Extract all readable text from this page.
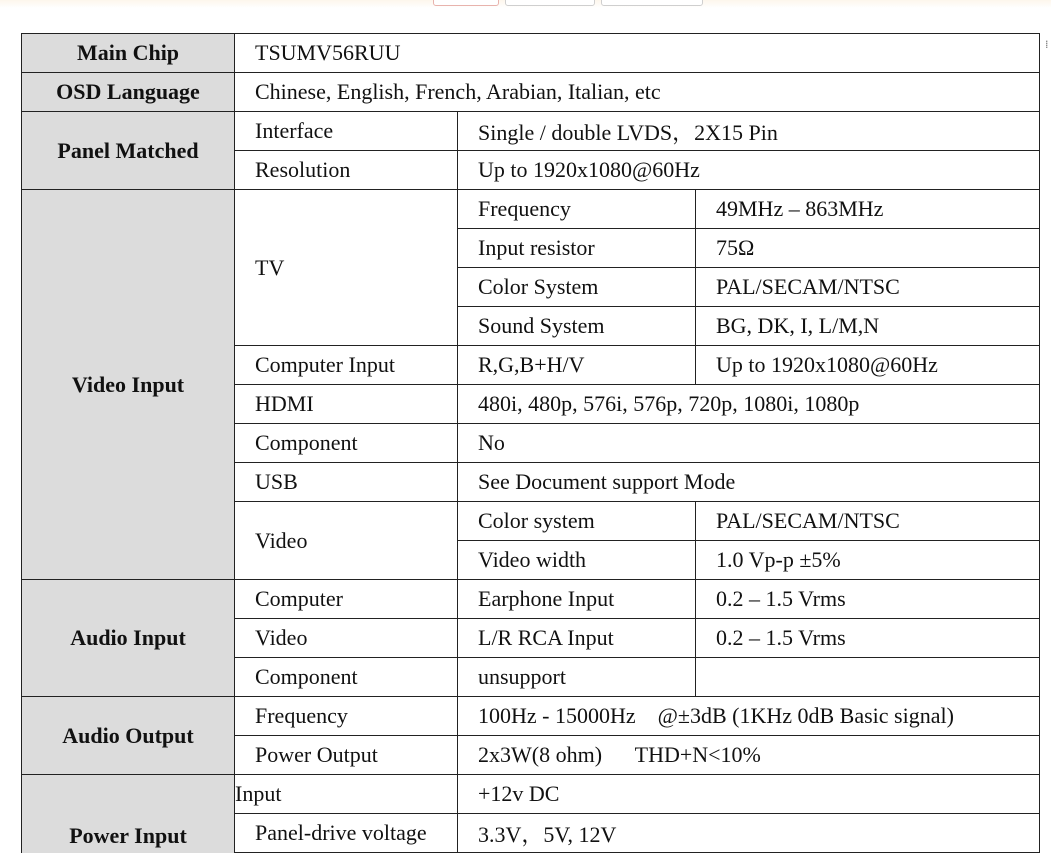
⁞
Main Chip	TSUMV56RUU		
OSD Language	Chinese, English, French, Arabian, Italian, etc		
Panel Matched	Interface	Single / double LVDS，2X15 Pin	
	Resolution	Up to 1920x1080@60Hz	
Video Input	TV	Frequency	49MHz – 863MHz
		Input resistor	75Ω
		Color System	PAL/SECAM/NTSC
		Sound System	BG, DK, I, L/M,N
	Computer Input	R,G,B+H/V	Up to 1920x1080@60Hz
	HDMI	480i, 480p, 576i, 576p, 720p, 1080i, 1080p	
	Component	No	
	USB	See Document support Mode	
	Video	Color system	PAL/SECAM/NTSC
		Video width	1.0 Vp-p ±5%
Audio Input	Computer	Earphone Input	0.2 – 1.5 Vrms
	Video	L/R RCA Input	0.2 – 1.5 Vrms
	Component	unsupport	
Audio Output	Frequency	100Hz - 15000Hz    @±3dB (1KHz 0dB Basic signal)	
	Power Output	2x3W(8 ohm)      THD+N<10%	
Power Input	Input	+12v DC	
	Panel-drive voltage	3.3V，5V, 12V	
